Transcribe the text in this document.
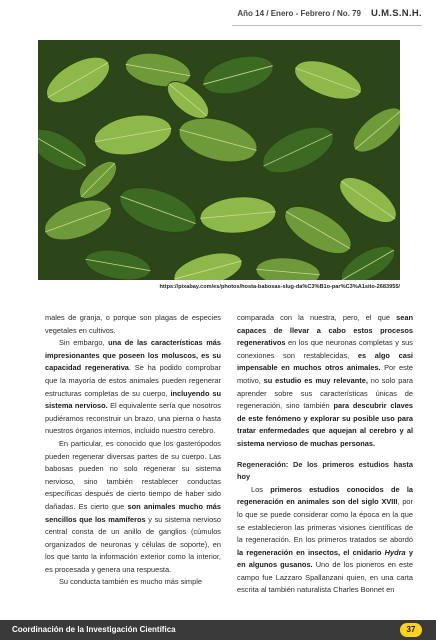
Año 14 / Enero - Febrero / No. 79 U.M.S.N.H.
https://pixabay.com/es/photos/hosta-babosas-slug-da%C3%B1o-par%C3%A1sito-2683955/

males de granja, o porque son plagas de especies vegetales en cultivos.

Sin embargo, una de las características más impresionantes que poseen los moluscos, es su capacidad regenerativa. Se ha podido comprobar que la mayoría de estos animales pueden regenerar estructuras completas de su cuerpo, incluyendo su sistema nervioso. El equivalente sería que nosotros pudiéramos reconstruir un brazo, una pierna o hasta nuestros órganos internos, incluido nuestro cerebro.

En particular, es conocido que los gasterópodos pueden regenerar diversas partes de su cuerpo. Las babosas pueden no solo regenerar su sistema nervioso, sino también restablecer conductas específicas después de cierto tiempo de haber sido dañadas. Es cierto que son animales mucho más sencillos que los mamíferos y su sistema nervioso central consta de un anillo de ganglios (cúmulos organizados de neuronas y células de soporte), en los que tanto la información exterior como la interior, es procesada y genera una respuesta.

Su conducta también es mucho más simple

comparada con la nuestra, pero, el que sean capaces de llevar a cabo estos procesos regenerativos en los que neuronas completas y sus conexiones son restablecidas, es algo casi impensable en muchos otros animales. Por este motivo, su estudio es muy relevante, no solo para aprender sobre sus características únicas de regeneración, sino también para descubrir claves de este fenómeno y explorar su posible uso para tratar enfermedades que aquejan al cerebro y al sistema nervioso de muchas personas.

Regeneración: De los primeros estudios hasta hoy

Los primeros estudios conocidos de la regeneración en animales son del siglo XVIII, por lo que se puede considerar como la época en la que se establecieron las primeras visiones científicas de la regeneración. En los primeros tratados se abordó la regeneración en insectos, el cnidario Hydra y en algunos gusanos. Uno de los pioneros en este campo fue Lazzaro Spallanzani quien, en una carta escrita al también naturalista Charles Bonnet en

Coordinación de la Investigación Científica	37
